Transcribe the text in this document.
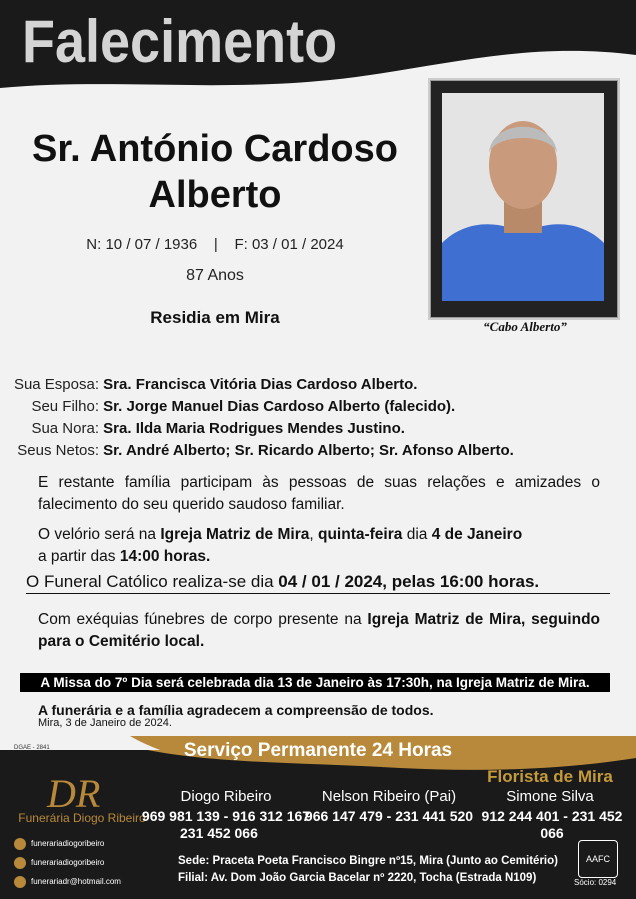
Falecimento
Sr. António Cardoso
Alberto
N: 10 / 07 / 1936    |    F: 03 / 01 / 2024
87 Anos
Residia em Mira	“Cabo Alberto”
Sua Esposa: Sra. Francisca Vitória Dias Cardoso Alberto.
Seu Filho: Sr. Jorge Manuel Dias Cardoso Alberto (falecido).
Sua Nora: Sra. Ilda Maria Rodrigues Mendes Justino.
Seus Netos: Sr. André Alberto; Sr. Ricardo Alberto; Sr. Afonso Alberto.
E restante família participam às pessoas de suas relações e amizades o falecimento do seu querido saudoso familiar.
O velório será na Igreja Matriz de Mira, quinta-feira dia 4 de Janeiro
a partir das 14:00 horas.
O Funeral Católico realiza-se dia 04 / 01 / 2024, pelas 16:00 horas.
Com exéquias fúnebres de corpo presente na Igreja Matriz de Mira, seguindo para o Cemitério local.
A Missa do 7º Dia será celebrada dia 13 de Janeiro às 17:30h, na Igreja Matriz de Mira.
A funerária e a família agradecem a compreensão de todos.
Mira, 3 de Janeiro de 2024.
DGAE - 2841	Serviço Permanente 24 Horas
DR
Funerária Diogo Ribeiro
Florista de Mira
Diogo Ribeiro
969 981 139 - 916 312 167
231 452 066
Nelson Ribeiro (Pai)
966 147 479 - 231 441 520
Simone Silva
912 244 401 - 231 452 066
funerariadiogoribeiro
funerariadiogoribeiro
funerariadr@hotmail.com
Sede: Praceta Poeta Francisco Bingre nº15, Mira (Junto ao Cemitério)
Filial: Av. Dom João Garcia Bacelar nº 2220, Tocha (Estrada N109)
AAFC
Sócio: 0294
